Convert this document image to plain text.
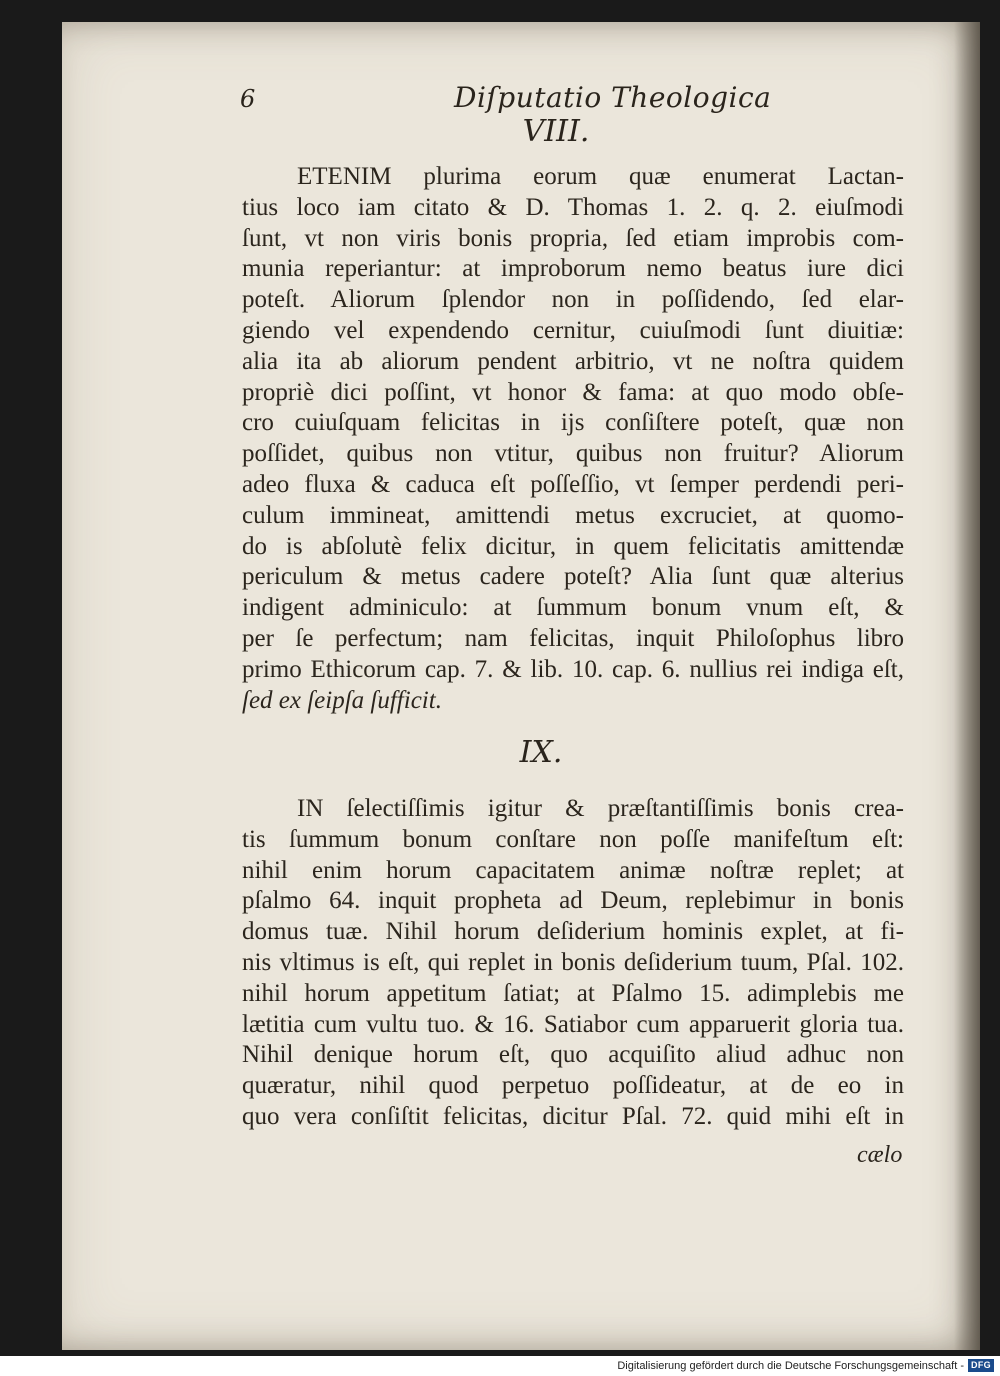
6	Diſputatio Theologica
VIII.
ETENIM plurima eorum quæ enumerat Lactan-
tius loco iam citato & D. Thomas 1. 2. q. 2. eiuſmodi
ſunt, vt non viris bonis propria, ſed etiam improbis com-
munia reperiantur: at improborum nemo beatus iure dici
poteſt. Aliorum ſplendor non in poſſidendo, ſed elar-
giendo vel expendendo cernitur, cuiuſmodi ſunt diuitiæ:
alia ita ab aliorum pendent arbitrio, vt ne noſtra quidem
propriè dici poſſint, vt honor & fama: at quo modo obſe-
cro cuiuſquam felicitas in ijs conſiſtere poteſt, quæ non
poſſidet, quibus non vtitur, quibus non fruitur? Aliorum
adeo fluxa & caduca eſt poſſeſſio, vt ſemper perdendi peri-
culum immineat, amittendi metus excruciet, at quomo-
do is abſolutè felix dicitur, in quem felicitatis amittendæ
periculum & metus cadere poteſt? Alia ſunt quæ alterius
indigent adminiculo: at ſummum bonum vnum eſt, &
per ſe perfectum; nam felicitas, inquit Philoſophus libro
primo Ethicorum cap. 7. & lib. 10. cap. 6. nullius rei indiga eſt,
ſed ex ſeipſa ſufficit.
IX.
IN ſelectiſſimis igitur & præſtantiſſimis bonis crea-
tis ſummum bonum conſtare non poſſe manifeſtum eſt:
nihil enim horum capacitatem animæ noſtræ replet; at
pſalmo 64. inquit propheta ad Deum, replebimur in bonis
domus tuæ. Nihil horum deſiderium hominis explet, at fi-
nis vltimus is eſt, qui replet in bonis deſiderium tuum, Pſal. 102.
nihil horum appetitum ſatiat; at Pſalmo 15. adimplebis me
lætitia cum vultu tuo. & 16. Satiabor cum apparuerit gloria tua.
Nihil denique horum eſt, quo acquiſito aliud adhuc non
quæratur, nihil quod perpetuo poſſideatur, at de eo in
quo vera conſiſtit felicitas, dicitur Pſal. 72. quid mihi eſt in
cælo
Digitalisierung gefördert durch die Deutsche Forschungsgemeinschaft - DFG
